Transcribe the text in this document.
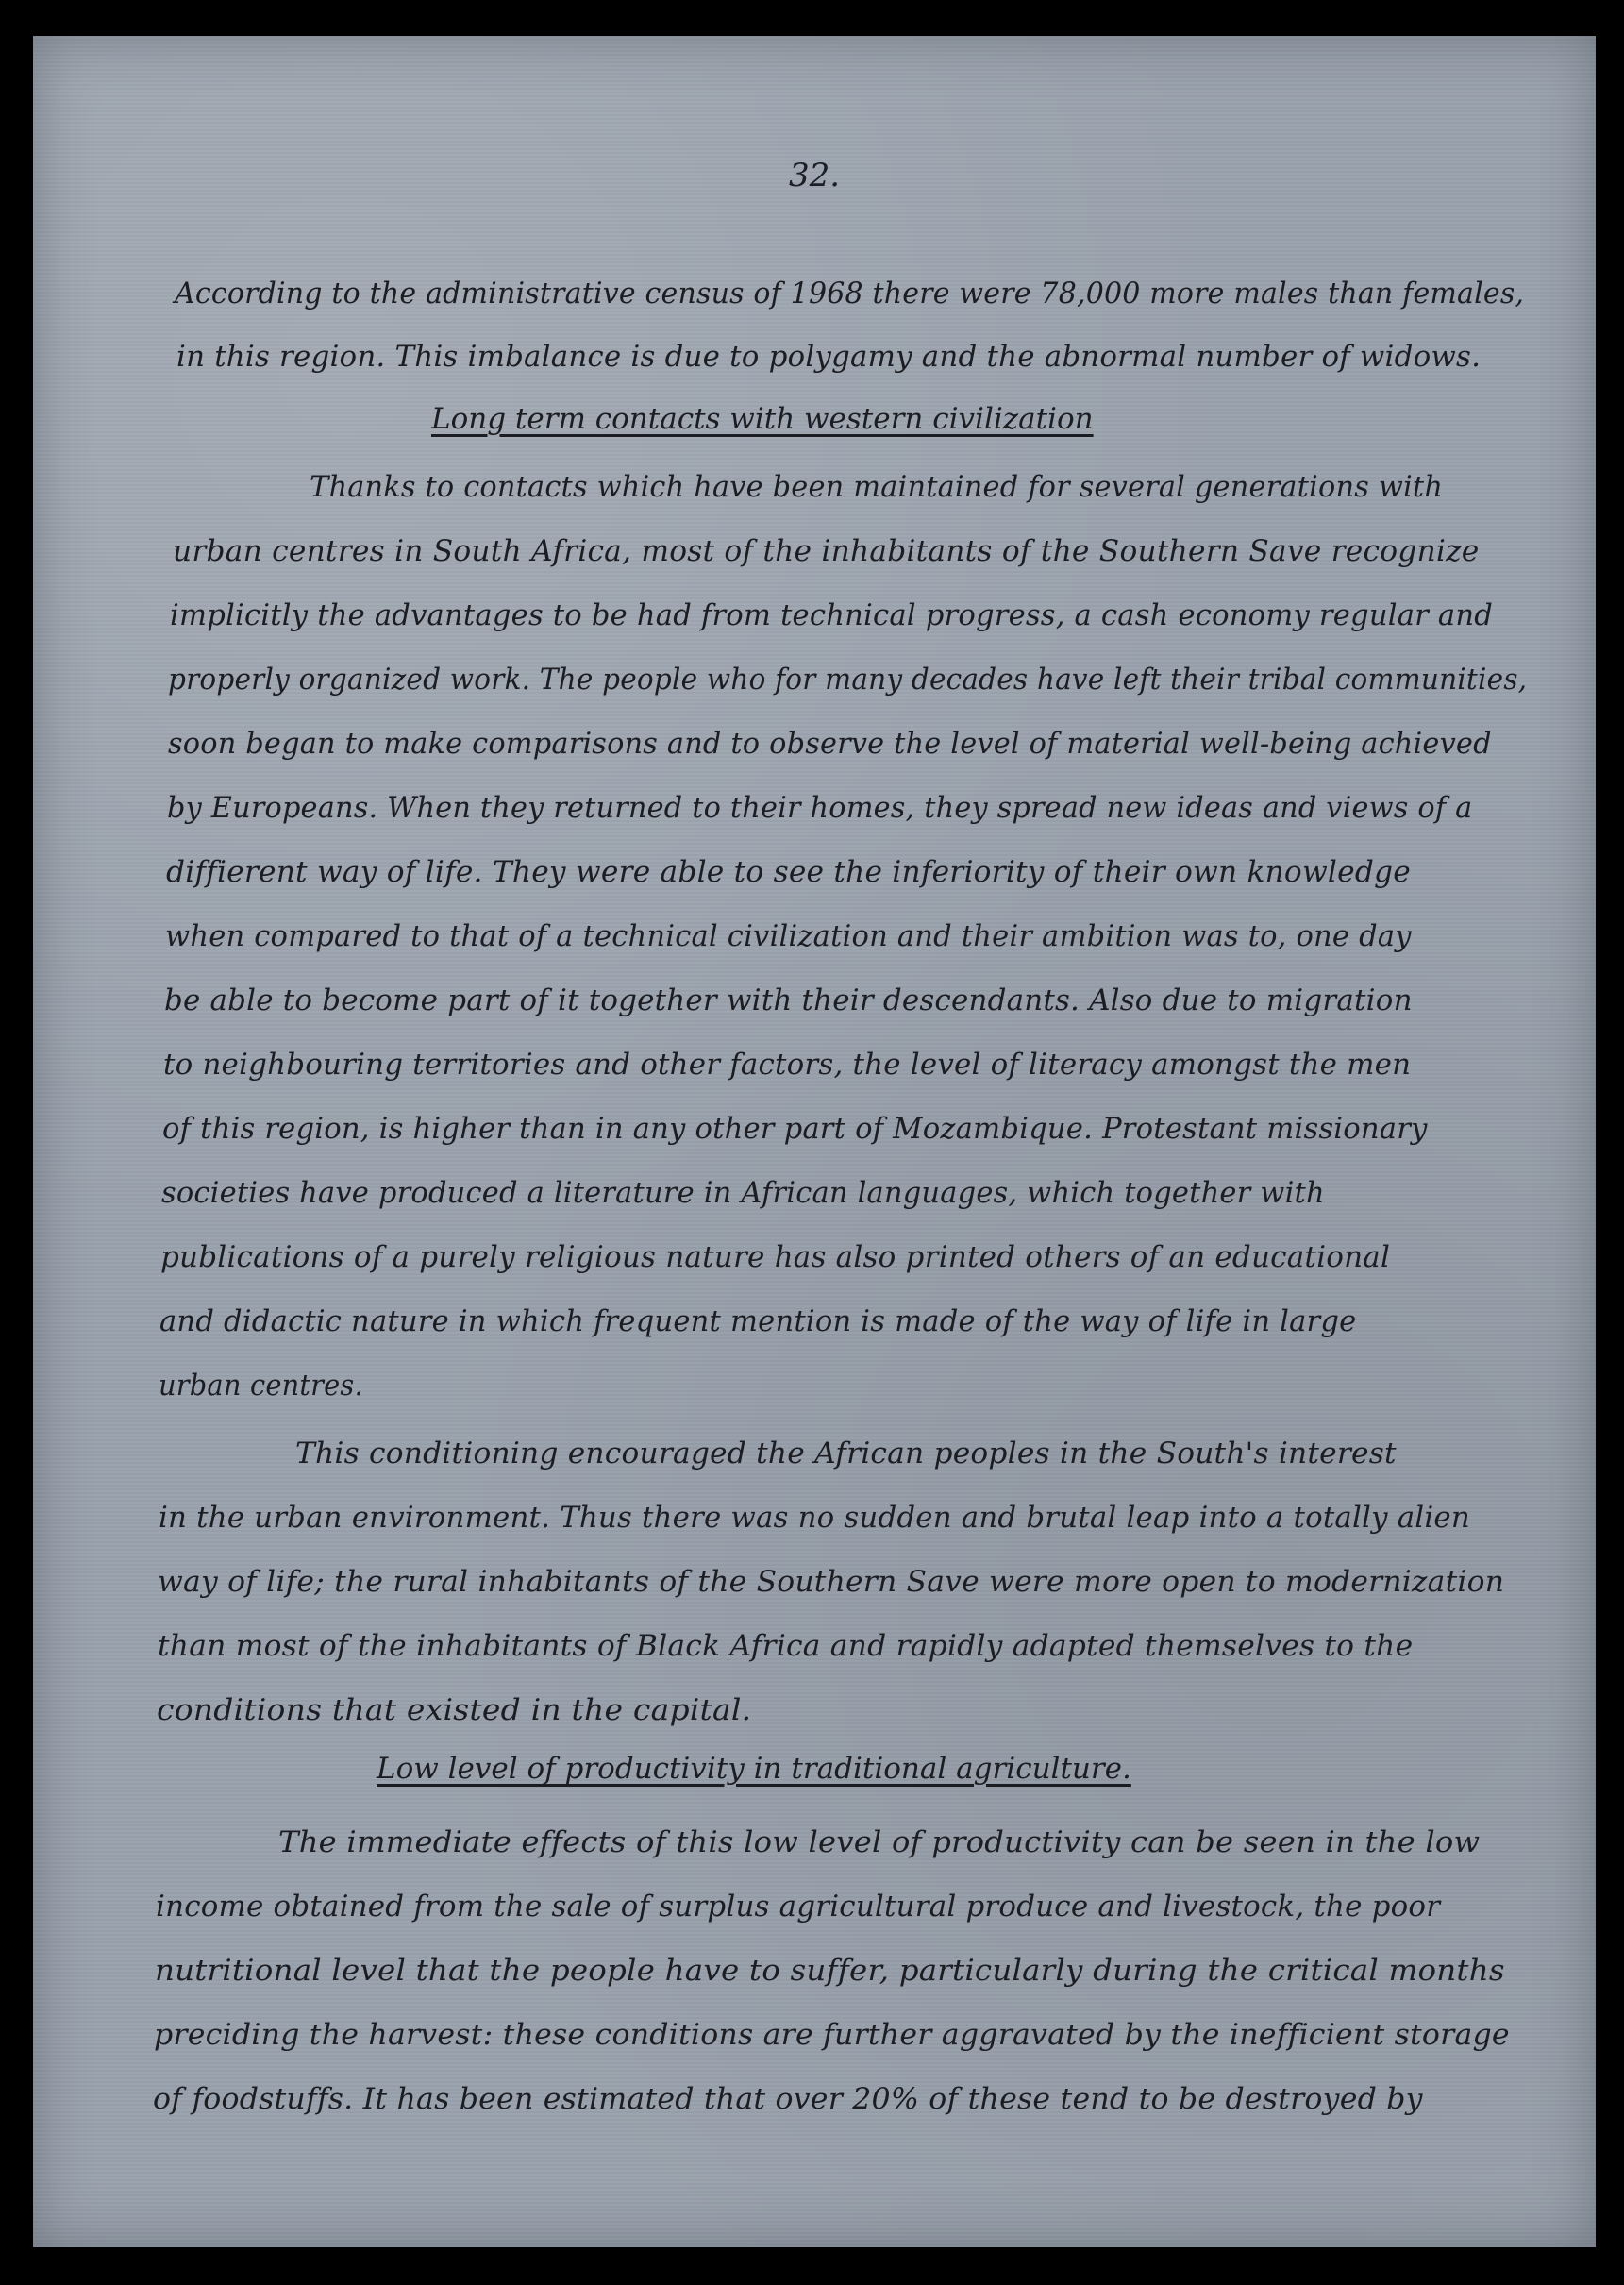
32.
According to the administrative census of 1968 there were 78,000 more males than females,
in this region. This imbalance is due to polygamy and the abnormal number of widows.
Long term contacts with western civilization
Thanks to contacts which have been maintained for several generations with
urban centres in South Africa, most of the inhabitants of the Southern Save recognize
implicitly the advantages to be had from technical progress, a cash economy regular and
properly organized work. The people who for many decades have left their tribal communities,
soon began to make comparisons and to observe the level of material well-being achieved
by Europeans. When they returned to their homes, they spread new ideas and views of a
diffierent way of life. They were able to see the inferiority of their own knowledge
when compared to that of a technical civilization and their ambition was to, one day
be able to become part of it together with their descendants. Also due to migration
to neighbouring territories and other factors, the level of literacy amongst the men
of this region, is higher than in any other part of Mozambique. Protestant missionary
societies have produced a literature in African languages, which together with
publications of a purely religious nature has also printed others of an educational
and didactic nature in which frequent mention is made of the way of life in large
urban centres.
This conditioning encouraged the African peoples in the South's interest
in the urban environment. Thus there was no sudden and brutal leap into a totally alien
way of life; the rural inhabitants of the Southern Save were more open to modernization
than most of the inhabitants of Black Africa and rapidly adapted themselves to the
conditions that existed in the capital.
Low level of productivity in traditional agriculture.
The immediate effects of this low level of productivity can be seen in the low
income obtained from the sale of surplus agricultural produce and livestock, the poor
nutritional level that the people have to suffer, particularly during the critical months
preciding the harvest: these conditions are further aggravated by the inefficient storage
of foodstuffs. It has been estimated that over 20% of these tend to be destroyed by
